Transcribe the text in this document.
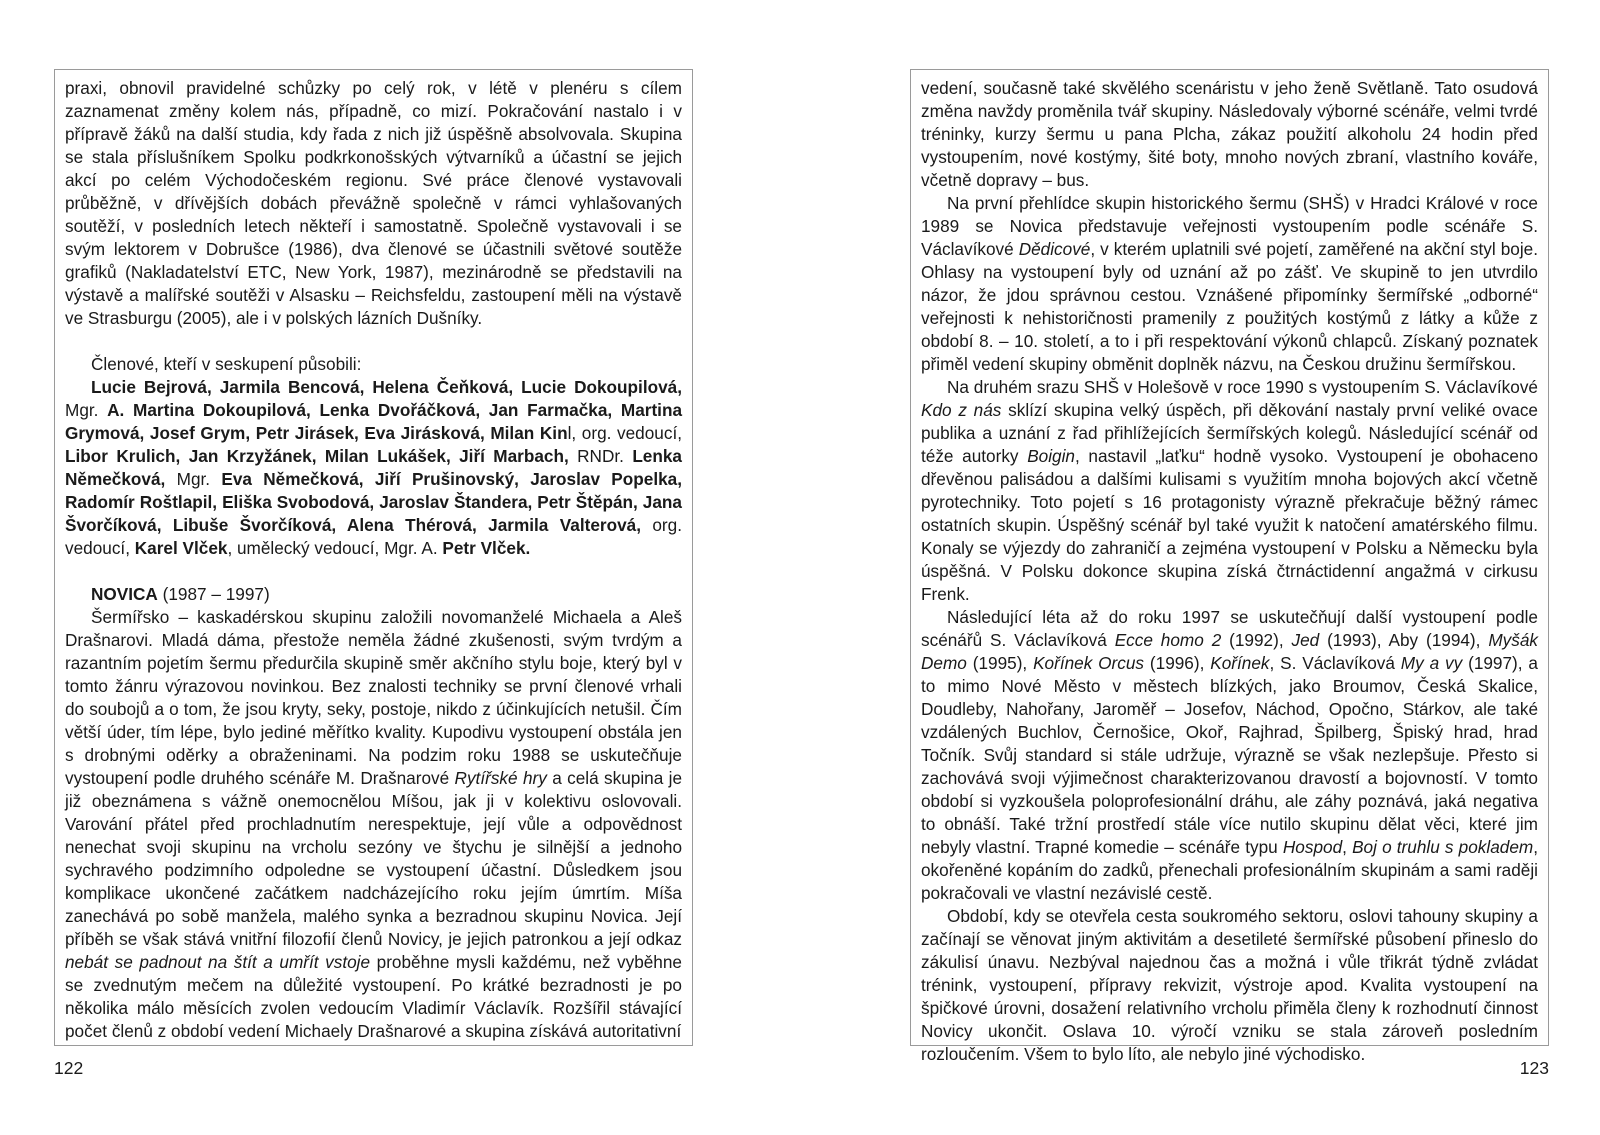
praxi, obnovil pravidelné schůzky po celý rok, v létě v plenéru s cílem zaznamenat změny kolem nás, případně, co mizí. Pokračování nastalo i v přípravě žáků na další studia, kdy řada z nich již úspěšně absolvovala. Skupina se stala příslušníkem Spolku podkrkonošských výtvarníků a účastní se jejich akcí po celém Východočeském regionu. Své práce členové vystavovali průběžně, v dřívějších dobách převážně společně v rámci vyhlašovaných soutěží, v posledních letech někteří i samostatně. Společně vystavovali i se svým lektorem v Dobrušce (1986), dva členové se účastnili světové soutěže grafiků (Nakladatelství ETC, New York, 1987), mezinárodně se představili na výstavě a malířské soutěži v Alsasku – Reichsfeldu, zastoupení měli na výstavě ve Strasburgu (2005), ale i v polských lázních Dušníky.

Členové, kteří v seskupení působili:

Lucie Bejrová, Jarmila Bencová, Helena Čeňková, Lucie Dokoupilová, Mgr. A. Martina Dokoupilová, Lenka Dvořáčková, Jan Farmačka, Martina Grymová, Josef Grym, Petr Jirásek, Eva Jirásková, Milan Kinl, org. vedoucí, Libor Krulich, Jan Krzyžánek, Milan Lukášek, Jiří Marbach, RNDr. Lenka Němečková, Mgr. Eva Němečková, Jiří Prušinovský, Jaroslav Popelka, Radomír Roštlapil, Eliška Svobodová, Jaroslav Štandera, Petr Štěpán, Jana Švorčíková, Libuše Švorčíková, Alena Thérová, Jarmila Valterová, org. vedoucí, Karel Vlček, umělecký vedoucí, Mgr. A. Petr Vlček.

NOVICA (1987 – 1997)

Šermířsko – kaskadérskou skupinu založili novomanželé Michaela a Aleš Drašnarovi. Mladá dáma, přestože neměla žádné zkušenosti, svým tvrdým a razantním pojetím šermu předurčila skupině směr akčního stylu boje, který byl v tomto žánru výrazovou novinkou. Bez znalosti techniky se první členové vrhali do soubojů a o tom, že jsou kryty, seky, postoje, nikdo z účinkujících netušil. Čím větší úder, tím lépe, bylo jediné měřítko kvality. Kupodivu vystoupení obstála jen s drobnými oděrky a obraženinami. Na podzim roku 1988 se uskutečňuje vystoupení podle druhého scénáře M. Drašnarové Rytířské hry a celá skupina je již obeznámena s vážně onemocnělou Míšou, jak ji v kolektivu oslovovali. Varování přátel před prochladnutím nerespektuje, její vůle a odpovědnost nenechat svoji skupinu na vrcholu sezóny ve štychu je silnější a jednoho sychravého podzimního odpoledne se vystoupení účastní. Důsledkem jsou komplikace ukončené začátkem nadcházejícího roku jejím úmrtím. Míša zanechává po sobě manžela, malého synka a bezradnou skupinu Novica. Její příběh se však stává vnitřní filozofií členů Novicy, je jejich patronkou a její odkaz nebát se padnout na štít a umřít vstoje proběhne mysli každému, než vyběhne se zvednutým mečem na důležité vystoupení. Po krátké bezradnosti je po několika málo měsících zvolen vedoucím Vladimír Václavík. Rozšířil stávající počet členů z období vedení Michaely Drašnarové a skupina získává autoritativní

vedení, současně také skvělého scenáristu v jeho ženě Světlaně. Tato osudová změna navždy proměnila tvář skupiny. Následovaly výborné scénáře, velmi tvrdé tréninky, kurzy šermu u pana Plcha, zákaz použití alkoholu 24 hodin před vystoupením, nové kostýmy, šité boty, mnoho nových zbraní, vlastního kováře, včetně dopravy – bus.

Na první přehlídce skupin historického šermu (SHŠ) v Hradci Králové v roce 1989 se Novica představuje veřejnosti vystoupením podle scénáře S. Václavíkové Dědicové, v kterém uplatnili své pojetí, zaměřené na akční styl boje. Ohlasy na vystoupení byly od uznání až po zášť. Ve skupině to jen utvrdilo názor, že jdou správnou cestou. Vznášené připomínky šermířské „odborné“ veřejnosti k nehistoričnosti pramenily z použitých kostýmů z látky a kůže z období 8. – 10. století, a to i při respektování výkonů chlapců. Získaný poznatek přiměl vedení skupiny obměnit doplněk názvu, na Českou družinu šermířskou.

Na druhém srazu SHŠ v Holešově v roce 1990 s vystoupením S. Václavíkové Kdo z nás sklízí skupina velký úspěch, při děkování nastaly první veliké ovace publika a uznání z řad přihlížejících šermířských kolegů. Následující scénář od téže autorky Boigin, nastavil „laťku“ hodně vysoko. Vystoupení je obohaceno dřevěnou palisádou a dalšími kulisami s využitím mnoha bojových akcí včetně pyrotechniky. Toto pojetí s 16 protagonisty výrazně překračuje běžný rámec ostatních skupin. Úspěšný scénář byl také využit k natočení amatérského filmu. Konaly se výjezdy do zahraničí a zejména vystoupení v Polsku a Německu byla úspěšná. V Polsku dokonce skupina získá čtrnáctidenní angažmá v cirkusu Frenk.

Následující léta až do roku 1997 se uskutečňují další vystoupení podle scénářů S. Václavíková Ecce homo 2 (1992), Jed (1993), Aby (1994), Myšák Demo (1995), Kořínek Orcus (1996), Kořínek, S. Václavíková My a vy (1997), a to mimo Nové Město v městech blízkých, jako Broumov, Česká Skalice, Doudleby, Nahořany, Jaroměř – Josefov, Náchod, Opočno, Stárkov, ale také vzdálených Buchlov, Černošice, Okoř, Rajhrad, Špilberg, Špiský hrad, hrad Točník. Svůj standard si stále udržuje, výrazně se však nezlepšuje. Přesto si zachovává svoji výjimečnost charakterizovanou dravostí a bojovností. V tomto období si vyzkoušela poloprofesionální dráhu, ale záhy poznává, jaká negativa to obnáší. Také tržní prostředí stále více nutilo skupinu dělat věci, které jim nebyly vlastní. Trapné komedie – scénáře typu Hospod, Boj o truhlu s pokladem, okořeněné kopáním do zadků, přenechali profesionálním skupinám a sami raději pokračovali ve vlastní nezávislé cestě.

Období, kdy se otevřela cesta soukromého sektoru, oslovi tahouny skupiny a začínají se věnovat jiným aktivitám a desetileté šermířské působení přineslo do zákulisí únavu. Nezbýval najednou čas a možná i vůle třikrát týdně zvládat trénink, vystoupení, přípravy rekvizit, výstroje apod. Kvalita vystoupení na špičkové úrovni, dosažení relativního vrcholu přiměla členy k rozhodnutí činnost Novicy ukončit. Oslava 10. výročí vzniku se stala zároveň posledním rozloučením. Všem to bylo líto, ale nebylo jiné východisko.

122	123
